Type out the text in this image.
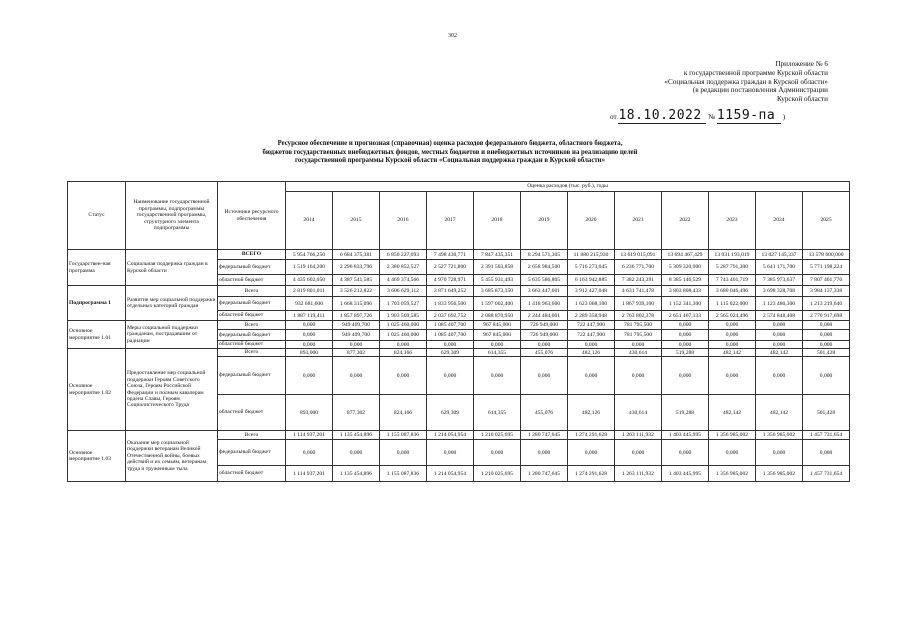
302
Приложение № 6
к государственной программе Курской области
«Социальная поддержка граждан в Курской области»
(в редакции постановления Администрации
Курской области
от 18.10.2022 № 1159-па )
Ресурсное обеспечение и прогнозная (справочная) оценка расходов федерального бюджета, областного бюджета,
бюджетов государственных внебюджетных фондов, местных бюджетов и внебюджетных источников на реализацию целей
государственной программы Курской области «Социальная поддержка граждан в Курской области»
Статус	Наименование государственной программы, подпрограммы государственной программы, структурного элемента подпрограммы	Источники ресурсного обеспечения	Оценка расходов (тыс. руб.), годы											
			2014	2015	2016	2017	2018	2019	2020	2021	2022	2023	2024	2025
Государствен-ная программа	Социальная поддержка граждан в Курской области	ВСЕГО	5 954 766,250	6 684 375,381	6 850 227,093	7 498 430,771	7 847 435,351	8 294 571,305	11 880 215,930	13 619 015,091	13 694 467,429	13 031 193,019	13 027 145,337	13 578 600,000
		федеральный бюджет	1 519 164,200	2 296 833,796	2 380 852,527	2 527 721,800	2 391 503,858	2 658 984,500	5 716 273,045	6 236 771,700	5 309 320,900	5 287 791,300	5 641 171,700	5 771 198,224
		областной бюджет	4 435 602,050	4 387 541,585	4 469 374,566	4 970 728,971	5 455 931,493	5 635 586,805	6 163 942,885	7 382 243,391	8 385 146,529	7 743 401,719	7 385 973,637	7 807 401,776
Подпрограмма 1	Развитие мер социальной поддержки отдельных категорий граждан	Всего	2 819 801,011	3 526 212,822	3 606 629,112	3 871 649,252	3 685 873,350	3 663 447,601	3 912 427,048	4 631 741,478	3 803 808,433	3 680 046,496	3 698 328,708	3 984 137,338
		федеральный бюджет	932 681,600	1 668 315,096	1 703 059,527	1 833 956,500	1 597 002,400	1 418 963,600	1 623 068,100	1 867 939,100	1 152 341,300	1 115 022,000	1 123 480,300	1 213 219,640
		областной бюджет	1 887 119,411	1 857 897,726	1 903 569,585	2 037 692,752	2 088 870,950	2 244 484,001	2 289 358,948	2 763 802,378	2 651 467,133	2 565 024,496	2 574 848,408	2 770 917,698
Основное мероприятие 1.01	Меры социальной поддержки гражданам, пострадавшим от радиации	Всего	0,000	949 409,700	1 025 460,000	1 085 407,700	967 845,000	726 949,000	722 447,900	781 795,500	0,000	0,000	0,000	0,000
		федеральный бюджет	0,000	949 409,700	1 025 460,000	1 085 407,700	967 845,000	726 949,000	722 447,900	781 795,500	0,000	0,000	0,000	0,000
		областной бюджет	0,000	0,000	0,000	0,000	0,000	0,000	0,000	0,000	0,000	0,000	0,000	0,000
Основное мероприятие 1.02	Предоставление мер социальной поддержки Героям Советского Союза, Героям Российской Федерации и полным кавалерам ордена Славы, Героям Социалистического Труда	Всего	893,000	877,302	824,166	629,309	614,355	455,076	482,126	430,614	519,288	482,142	482,142	501,428
		федеральный бюджет	0,000	0,000	0,000	0,000	0,000	0,000	0,000	0,000	0,000	0,000	0,000	0,000
		областной бюджет	893,000	877,302	824,166	629,309	614,355	455,076	482,126	430,614	519,288	482,142	482,142	501,428
Основное мероприятие 1.03	Оказание мер социальной поддержки ветеранам Великой Отечественной войны, боевых действий и их семьям, ветеранам труда и труженикам тыла	Всего	1 114 937,201	1 135 454,896	1 155 087,836	1 214 054,954	1 210 025,695	1 280 747,645	1 274 291,628	1 263 111,932	1 403 445,995	1 356 985,002	1 356 985,002	1 457 731,654
		федеральный бюджет	0,000	0,000	0,000	0,000	0,000	0,000	0,000	0,000	0,000	0,000	0,000	0,000
		областной бюджет	1 114 937,201	1 135 454,896	1 155 087,836	1 214 054,954	1 210 025,695	1 280 747,645	1 274 291,628	1 263 111,932	1 403 445,995	1 356 985,002	1 356 985,002	1 457 731,654
